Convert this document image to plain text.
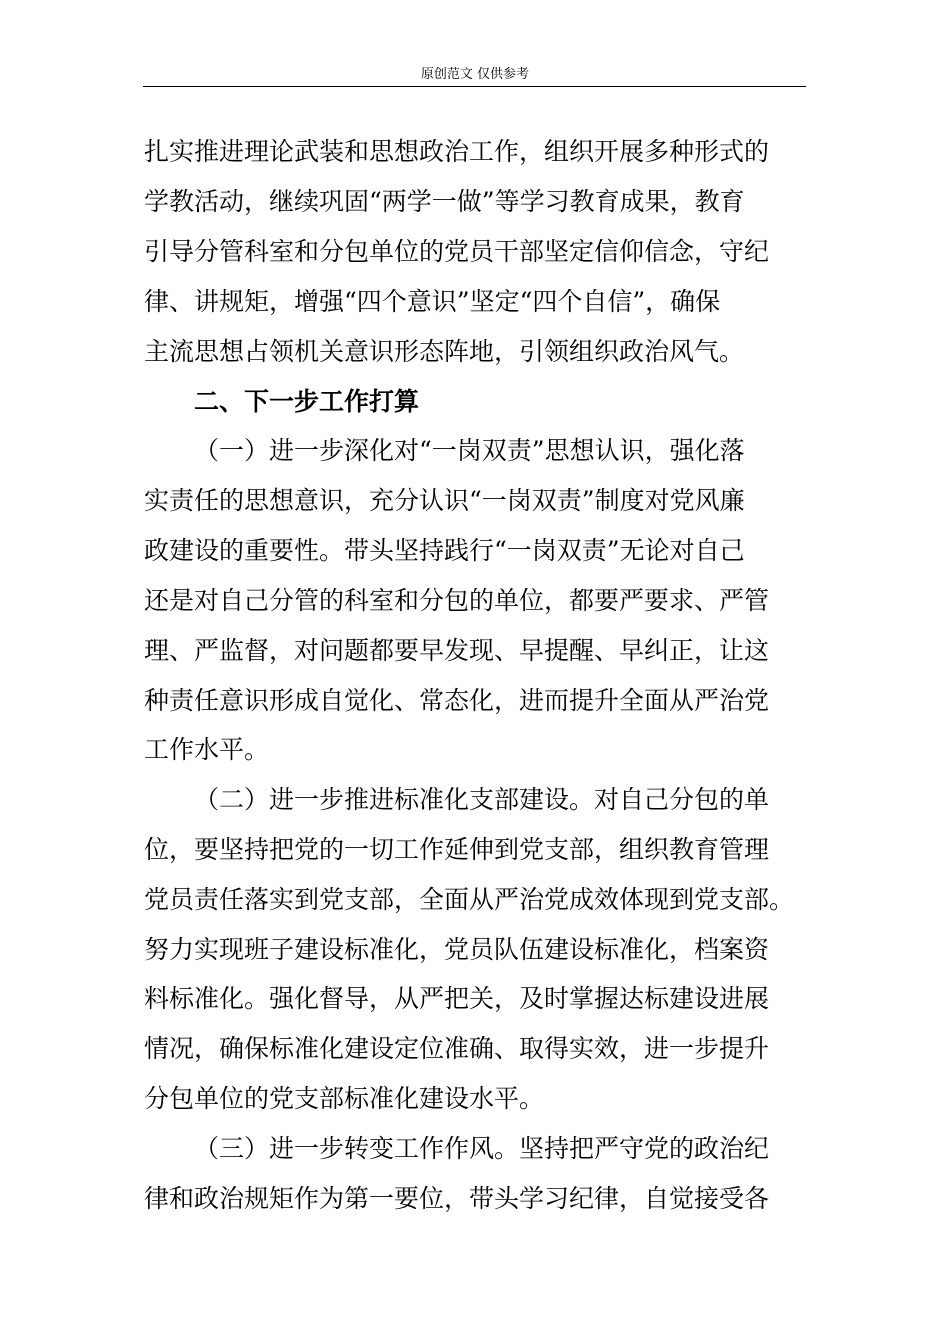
原创范文 仅供参考
扎实推进理论武装和思想政治工作，组织开展多种形式的
学教活动，继续巩固“两学一做”等学习教育成果，教育
引导分管科室和分包单位的党员干部坚定信仰信念，守纪
律、讲规矩，增强“四个意识”坚定“四个自信”，确保
主流思想占领机关意识形态阵地，引领组织政治风气。
二、下一步工作打算
（一）进一步深化对“一岗双责”思想认识，强化落
实责任的思想意识，充分认识“一岗双责”制度对党风廉
政建设的重要性。带头坚持践行“一岗双责”无论对自己
还是对自己分管的科室和分包的单位，都要严要求、严管
理、严监督，对问题都要早发现、早提醒、早纠正，让这
种责任意识形成自觉化、常态化，进而提升全面从严治党
工作水平。
（二）进一步推进标准化支部建设。对自己分包的单
位，要坚持把党的一切工作延伸到党支部，组织教育管理
党员责任落实到党支部，全面从严治党成效体现到党支部。
努力实现班子建设标准化，党员队伍建设标准化，档案资
料标准化。强化督导，从严把关，及时掌握达标建设进展
情况，确保标准化建设定位准确、取得实效，进一步提升
分包单位的党支部标准化建设水平。
（三）进一步转变工作作风。坚持把严守党的政治纪
律和政治规矩作为第一要位，带头学习纪律，自觉接受各
